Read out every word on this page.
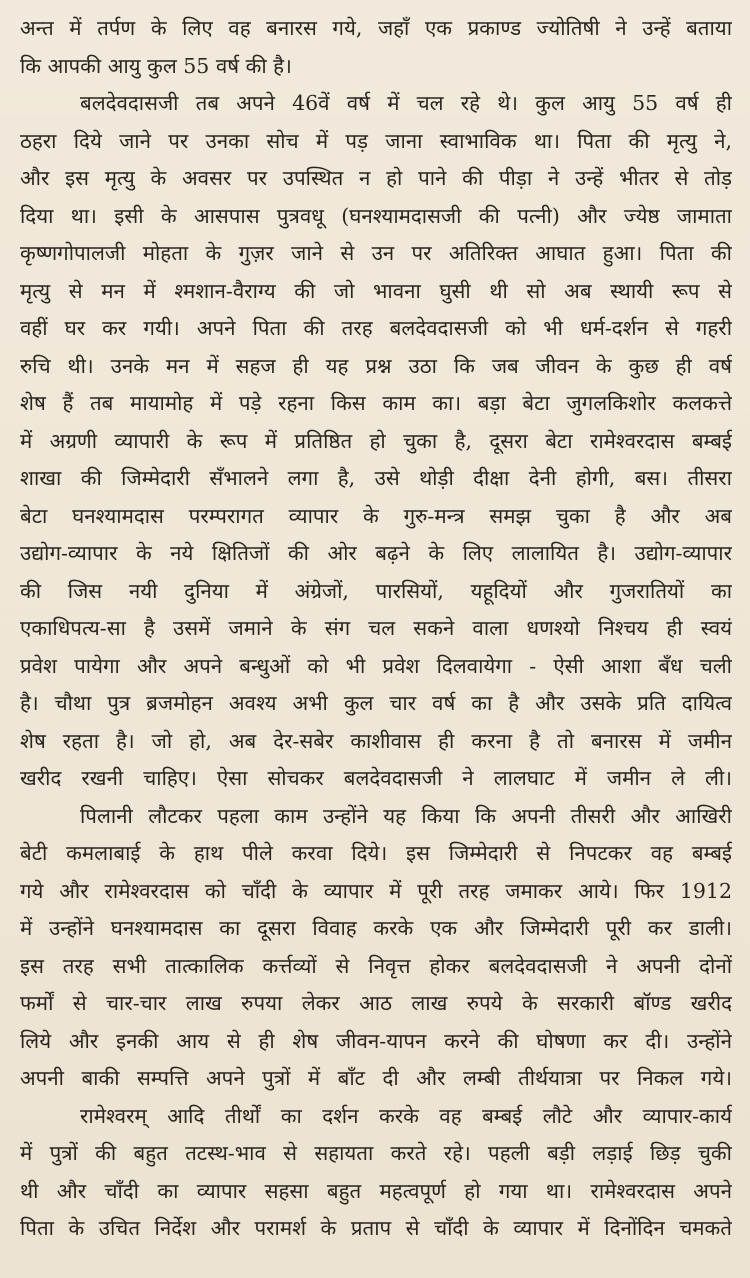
अन्त में तर्पण के लिए वह बनारस गये, जहाँ एक प्रकाण्ड ज्योतिषी ने उन्हें बताया
कि आपकी आयु कुल 55 वर्ष की है।
बलदेवदासजी तब अपने 46वें वर्ष में चल रहे थे। कुल आयु 55 वर्ष ही
ठहरा दिये जाने पर उनका सोच में पड़ जाना स्वाभाविक था। पिता की मृत्यु ने,
और इस मृत्यु के अवसर पर उपस्थित न हो पाने की पीड़ा ने उन्हें भीतर से तोड़
दिया था। इसी के आसपास पुत्रवधू (घनश्यामदासजी की पत्नी) और ज्येष्ठ जामाता
कृष्णगोपालजी मोहता के गुज़र जाने से उन पर अतिरिक्त आघात हुआ। पिता की
मृत्यु से मन में श्मशान-वैराग्य की जो भावना घुसी थी सो अब स्थायी रूप से
वहीं घर कर गयी। अपने पिता की तरह बलदेवदासजी को भी धर्म-दर्शन से गहरी
रुचि थी। उनके मन में सहज ही यह प्रश्न उठा कि जब जीवन के कुछ ही वर्ष
शेष हैं तब मायामोह में पड़े रहना किस काम का। बड़ा बेटा जुगलकिशोर कलकत्ते
में अग्रणी व्यापारी के रूप में प्रतिष्ठित हो चुका है, दूसरा बेटा रामेश्वरदास बम्बई
शाखा की जिम्मेदारी सँभालने लगा है, उसे थोड़ी दीक्षा देनी होगी, बस। तीसरा
बेटा घनश्यामदास परम्परागत व्यापार के गुरु-मन्त्र समझ चुका है और अब
उद्योग-व्यापार के नये क्षितिजों की ओर बढ़ने के लिए लालायित है। उद्योग-व्यापार
की जिस नयी दुनिया में अंग्रेजों, पारसियों, यहूदियों और गुजरातियों का
एकाधिपत्य-सा है उसमें जमाने के संग चल सकने वाला धणश्यो निश्चय ही स्वयं
प्रवेश पायेगा और अपने बन्धुओं को भी प्रवेश दिलवायेगा - ऐसी आशा बँध चली
है। चौथा पुत्र ब्रजमोहन अवश्य अभी कुल चार वर्ष का है और उसके प्रति दायित्व
शेष रहता है। जो हो, अब देर-सबेर काशीवास ही करना है तो बनारस में जमीन
खरीद रखनी चाहिए। ऐसा सोचकर बलदेवदासजी ने लालघाट में जमीन ले ली।
पिलानी लौटकर पहला काम उन्होंने यह किया कि अपनी तीसरी और आखिरी
बेटी कमलाबाई के हाथ पीले करवा दिये। इस जिम्मेदारी से निपटकर वह बम्बई
गये और रामेश्वरदास को चाँदी के व्यापार में पूरी तरह जमाकर आये। फिर 1912
में उन्होंने घनश्यामदास का दूसरा विवाह करके एक और जिम्मेदारी पूरी कर डाली।
इस तरह सभी तात्कालिक कर्त्तव्यों से निवृत्त होकर बलदेवदासजी ने अपनी दोनों
फर्मों से चार-चार लाख रुपया लेकर आठ लाख रुपये के सरकारी बॉण्ड खरीद
लिये और इनकी आय से ही शेष जीवन-यापन करने की घोषणा कर दी। उन्होंने
अपनी बाकी सम्पत्ति अपने पुत्रों में बाँट दी और लम्बी तीर्थयात्रा पर निकल गये।
रामेश्वरम् आदि तीर्थों का दर्शन करके वह बम्बई लौटे और व्यापार-कार्य
में पुत्रों की बहुत तटस्थ-भाव से सहायता करते रहे। पहली बड़ी लड़ाई छिड़ चुकी
थी और चाँदी का व्यापार सहसा बहुत महत्वपूर्ण हो गया था। रामेश्वरदास अपने
पिता के उचित निर्देश और परामर्श के प्रताप से चाँदी के व्यापार में दिनोंदिन चमकते
